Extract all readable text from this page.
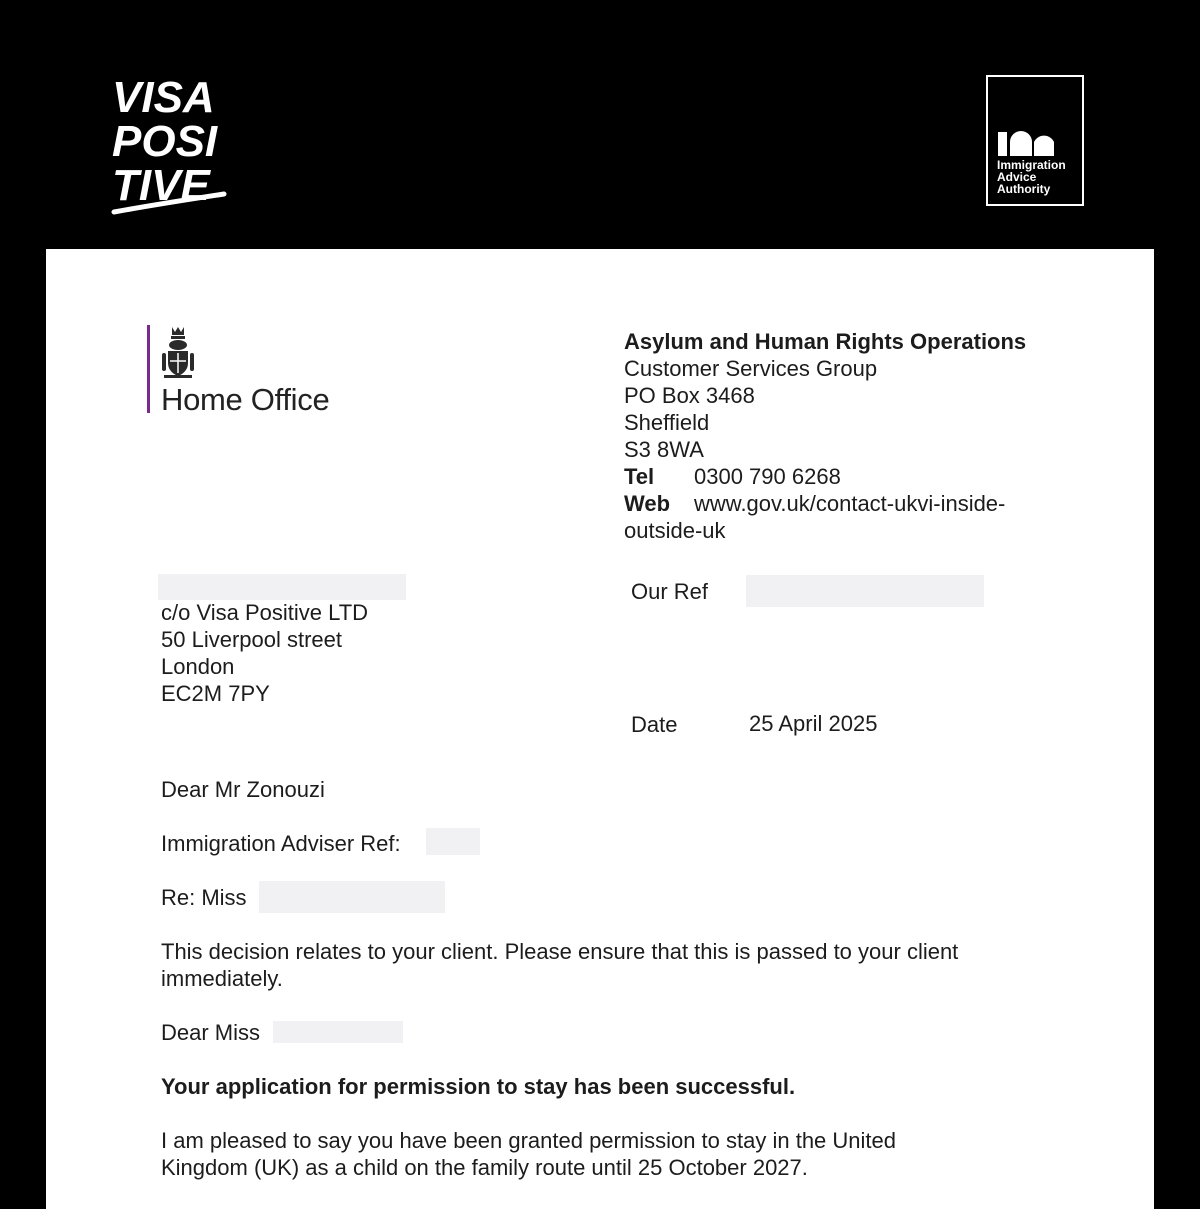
VISA
POSI
TIVE	Immigration
Advice
Authority
Home Office
Asylum and Human Rights Operations
Customer Services Group
PO Box 3468
Sheffield
S3 8WA
Tel 0300 790 6268
Web www.gov.uk/contact-ukvi-inside-
outside-uk
c/o Visa Positive LTD
50 Liverpool street
London
EC2M 7PY
Our Ref
Date	25 April 2025
Dear Mr Zonouzi
Immigration Adviser Ref:
Re: Miss
This decision relates to your client. Please ensure that this is passed to your client
immediately.
Dear Miss
Your application for permission to stay has been successful.
I am pleased to say you have been granted permission to stay in the United
Kingdom (UK) as a child on the family route until 25 October 2027.
